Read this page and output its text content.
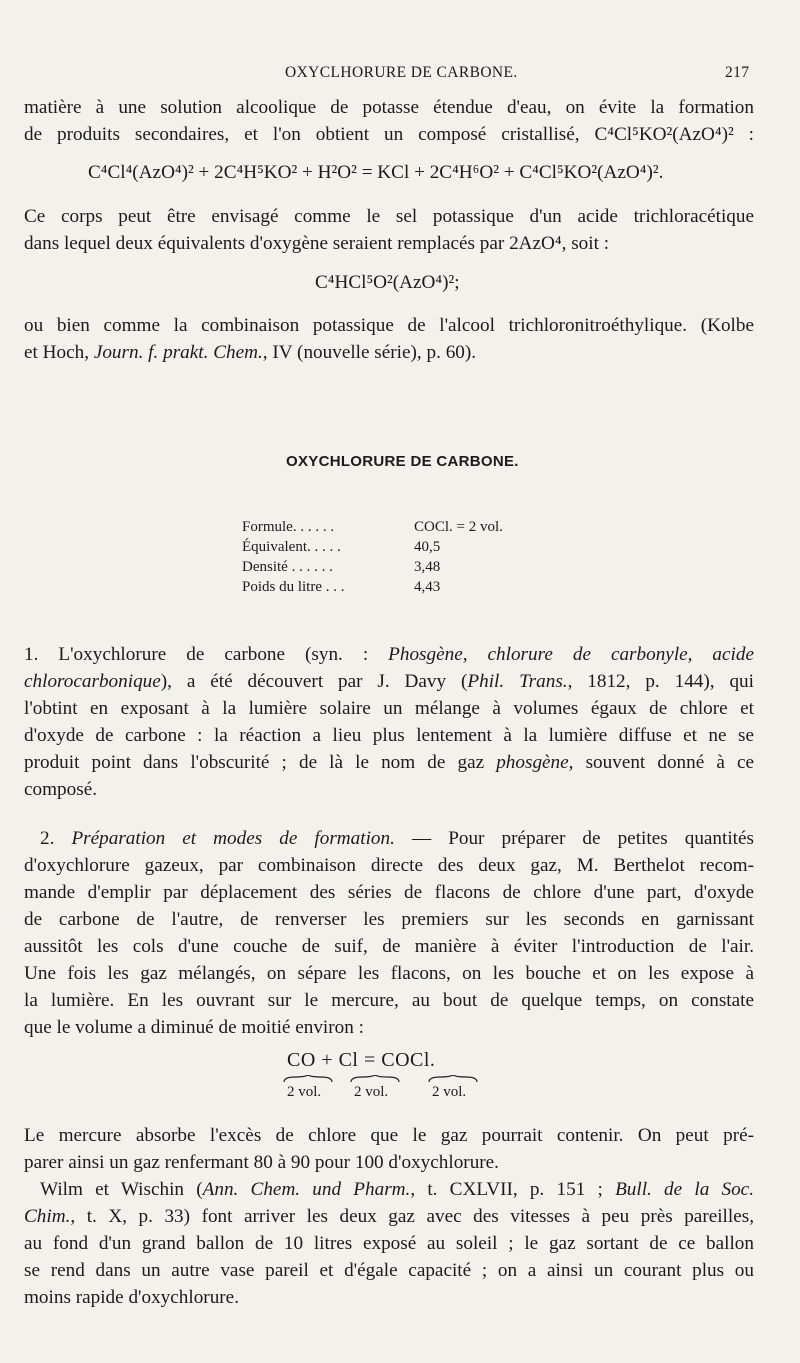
OXYCLHORURE DE CARBONE.	217
matière à une solution alcoolique de potasse étendue d'eau, on évite la formation
de produits secondaires, et l'on obtient un composé cristallisé, C⁴Cl⁵KO²(AzO⁴)² :
C⁴Cl⁴(AzO⁴)² + 2C⁴H⁵KO² + H²O² = KCl + 2C⁴H⁶O² + C⁴Cl⁵KO²(AzO⁴)².
Ce corps peut être envisagé comme le sel potassique d'un acide trichloracétique
dans lequel deux équivalents d'oxygène seraient remplacés par 2AzO⁴, soit :
C⁴HCl⁵O²(AzO⁴)²;
ou bien comme la combinaison potassique de l'alcool trichloronitroéthylique. (Kolbe
et Hoch, Journ. f. prakt. Chem., IV (nouvelle série), p. 60).
OXYCHLORURE DE CARBONE.
Formule. . . . . .	COCl. = 2 vol.
Équivalent. . . . .	40,5
Densité . . . . . .	3,48
Poids du litre . . .	4,43
1. L'oxychlorure de carbone (syn. : Phosgène, chlorure de carbonyle, acide
chlorocarbonique), a été découvert par J. Davy (Phil. Trans., 1812, p. 144), qui
l'obtint en exposant à la lumière solaire un mélange à volumes égaux de chlore et
d'oxyde de carbone : la réaction a lieu plus lentement à la lumière diffuse et ne se
produit point dans l'obscurité ; de là le nom de gaz phosgène, souvent donné à ce
composé.
2. Préparation et modes de formation. — Pour préparer de petites quantités
d'oxychlorure gazeux, par combinaison directe des deux gaz, M. Berthelot recom-
mande d'emplir par déplacement des séries de flacons de chlore d'une part, d'oxyde
de carbone de l'autre, de renverser les premiers sur les seconds en garnissant
aussitôt les cols d'une couche de suif, de manière à éviter l'introduction de l'air.
Une fois les gaz mélangés, on sépare les flacons, on les bouche et on les expose à
la lumière. En les ouvrant sur le mercure, au bout de quelque temps, on constate
que le volume a diminué de moitié environ :
CO + Cl = COCl.
2 vol. 2 vol.	2 vol.
Le mercure absorbe l'excès de chlore que le gaz pourrait contenir. On peut pré-
parer ainsi un gaz renfermant 80 à 90 pour 100 d'oxychlorure.
Wilm et Wischin (Ann. Chem. und Pharm., t. CXLVII, p. 151 ; Bull. de la Soc.
Chim., t. X, p. 33) font arriver les deux gaz avec des vitesses à peu près pareilles,
au fond d'un grand ballon de 10 litres exposé au soleil ; le gaz sortant de ce ballon
se rend dans un autre vase pareil et d'égale capacité ; on a ainsi un courant plus ou
moins rapide d'oxychlorure.
